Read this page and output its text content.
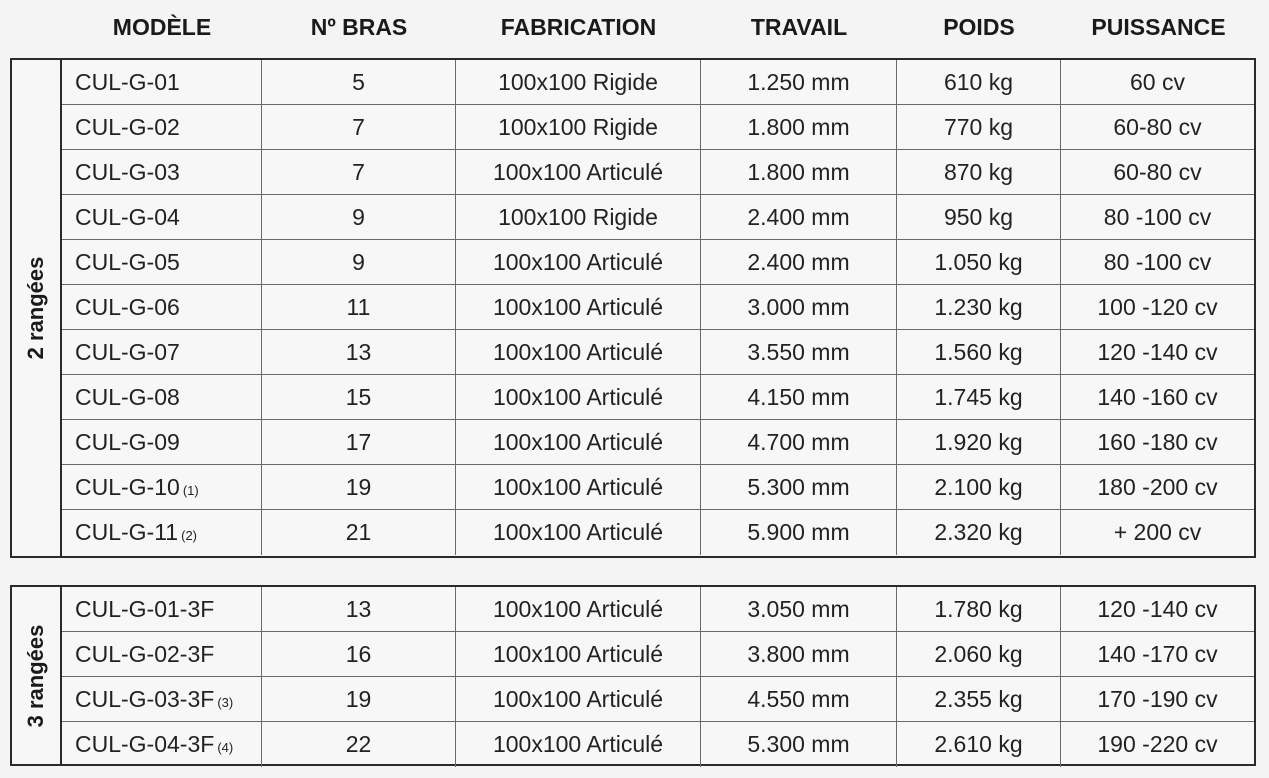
MODÈLE	Nº BRAS	FABRICATION	TRAVAIL	POIDS	PUISSANCE
2 rangées
CUL-G-01	5	100x100 Rigide	1.250 mm	610 kg	60 cv
CUL-G-02	7	100x100 Rigide	1.800 mm	770 kg	60-80 cv
CUL-G-03	7	100x100 Articulé	1.800 mm	870 kg	60-80 cv
CUL-G-04	9	100x100 Rigide	2.400 mm	950 kg	80 -100 cv
CUL-G-05	9	100x100 Articulé	2.400 mm	1.050 kg	80 -100 cv
CUL-G-06	11	100x100 Articulé	3.000 mm	1.230 kg	100 -120 cv
CUL-G-07	13	100x100 Articulé	3.550 mm	1.560 kg	120 -140 cv
CUL-G-08	15	100x100 Articulé	4.150 mm	1.745 kg	140 -160 cv
CUL-G-09	17	100x100 Articulé	4.700 mm	1.920 kg	160 -180 cv
CUL-G-10 (1)	19	100x100 Articulé	5.300 mm	2.100 kg	180 -200 cv
CUL-G-11 (2)	21	100x100 Articulé	5.900 mm	2.320 kg	+ 200 cv
3 rangées
CUL-G-01-3F	13	100x100 Articulé	3.050 mm	1.780 kg	120 -140 cv
CUL-G-02-3F	16	100x100 Articulé	3.800 mm	2.060 kg	140 -170 cv
CUL-G-03-3F (3)	19	100x100 Articulé	4.550 mm	2.355 kg	170 -190 cv
CUL-G-04-3F (4)	22	100x100 Articulé	5.300 mm	2.610 kg	190 -220 cv
